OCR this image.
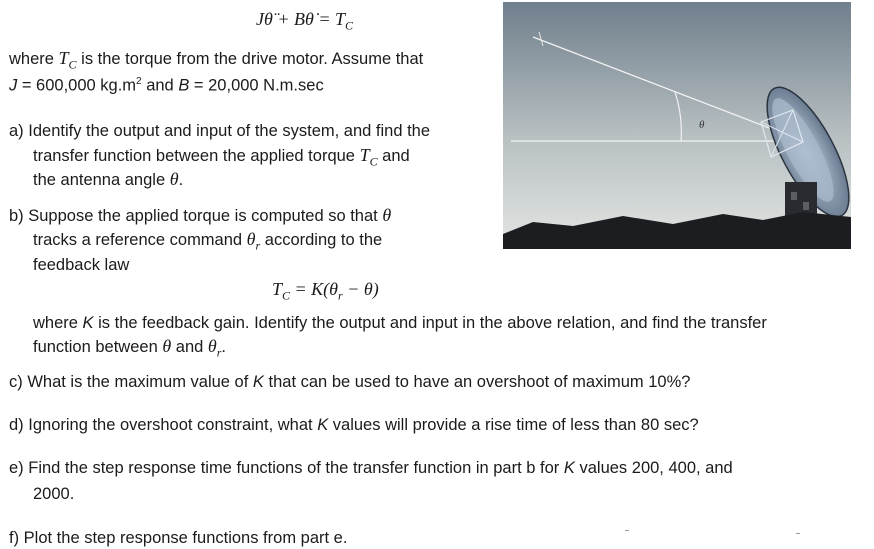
Jθ̈ + Bθ̇ = $T_C$
where $T_C$ is the torque from the drive motor. Assume that
J = 600,000 $kg.m^2$ and B = 20,000 N.m.sec
a) Identify the output and input of the system, and find the
transfer function between the applied torque $T_C$ and
the antenna angle θ.
b) Suppose the applied torque is computed so that θ
tracks a reference command $\theta_r$ according to the
feedback law
$T_C = K(\theta_r - \theta)$
where K is the feedback gain. Identify the output and input in the above relation, and find the transfer
function between θ and $\theta_r$.
c) What is the maximum value of K that can be used to have an overshoot of maximum 10%?
d) Ignoring the overshoot constraint, what K values will provide a rise time of less than 80 sec?
e) Find the step response time functions of the transfer function in part b for K values 200, 400, and
2000.
f) Plot the step response functions from part e.
θ
